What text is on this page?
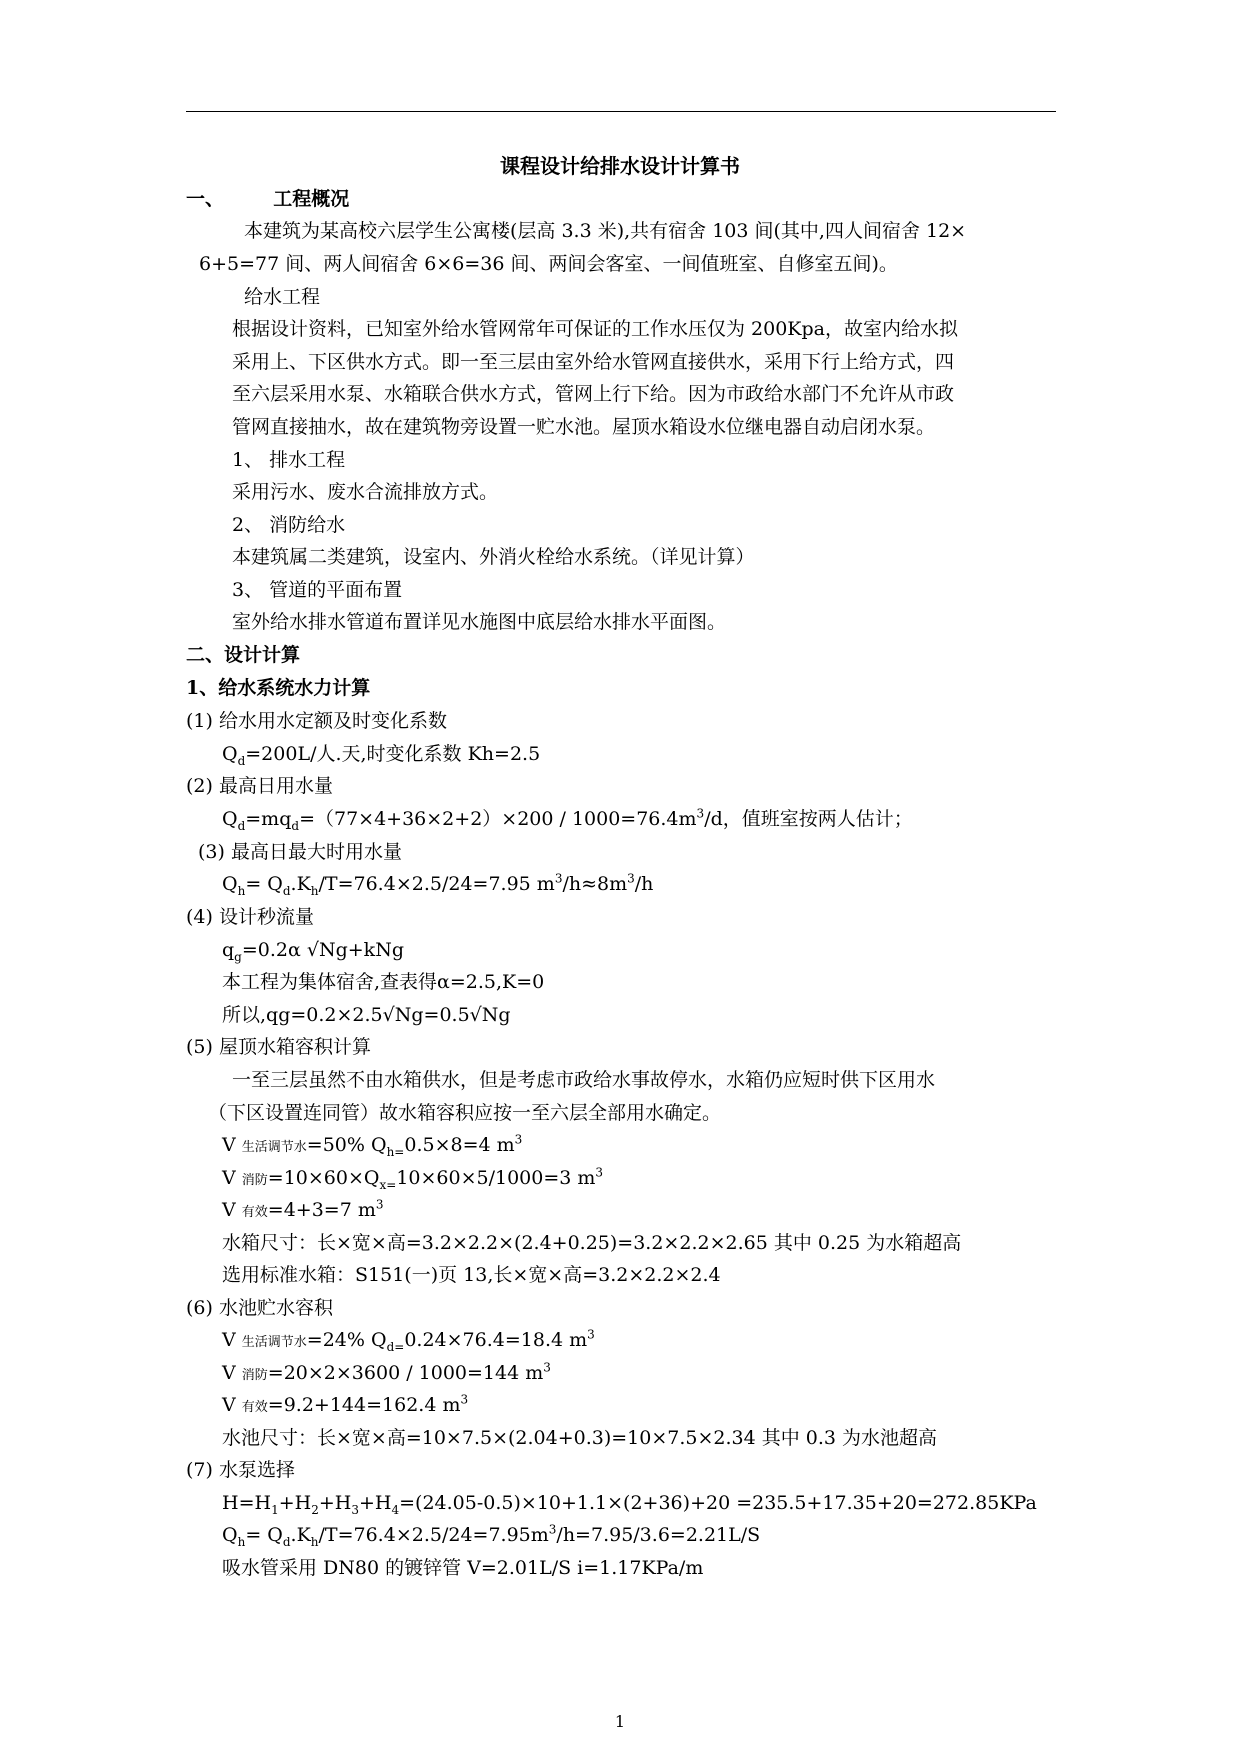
课程设计给排水设计计算书
一、	工程概况
本建筑为某高校六层学生公寓楼(层高 3.3 米),共有宿舍 103 间(其中,四人间宿舍 12×
6+5=77 间、两人间宿舍 6×6=36 间、两间会客室、一间值班室、自修室五间)。
给水工程
根据设计资料，已知室外给水管网常年可保证的工作水压仅为 200Kpa，故室内给水拟
采用上、下区供水方式。即一至三层由室外给水管网直接供水，采用下行上给方式，四
至六层采用水泵、水箱联合供水方式，管网上行下给。因为市政给水部门不允许从市政
管网直接抽水，故在建筑物旁设置一贮水池。屋顶水箱设水位继电器自动启闭水泵。
1、 排水工程
采用污水、废水合流排放方式。
2、 消防给水
本建筑属二类建筑，设室内、外消火栓给水系统。（详见计算）
3、 管道的平面布置
室外给水排水管道布置详见水施图中底层给水排水平面图。
二、设计计算
1、给水系统水力计算
(1) 给水用水定额及时变化系数
$Q_d=200L/$人.天,时变化系数 Kh=2.5
(2) 最高日用水量
$Q_d=mq_d=(77\times 4+36\times 2+2)\times 200 / 1000=76.4m^3/d$，值班室按两人估计；
(3) 最高日最大时用水量
$Q_h= Q_d.K_h/T=76.4\times 2.5/24=7.95$ $m^3/h\approx 8m^3/h$
(4) 设计秒流量
$q_g=0.2\alpha$ √Ng+kNg
本工程为集体宿舍,查表得α=2.5,K=0
所以,qg=0.2×2.5√Ng=0.5√Ng
(5) 屋顶水箱容积计算
一至三层虽然不由水箱供水，但是考虑市政给水事故停水，水箱仍应短时供下区用水
（下区设置连同管）故水箱容积应按一至六层全部用水确定。
V 生活调节水=50% $Q_{h=}0.5\times 8=4$ $m^3$
V 消防$=10\times 60\times Q_{x=}10\times 60\times 5/1000=3$ $m^3$
V 有效=4+3=7 $m^3$
水箱尺寸：长×宽×高=3.2×2.2×(2.4+0.25)=3.2×2.2×2.65 其中 0.25 为水箱超高
选用标准水箱：S151(一)页 13,长×宽×高=3.2×2.2×2.4
(6) 水池贮水容积
V 生活调节水=24% $Q_{d=}0.24\times 76.4=18.4$ $m^3$
V 消防=20×2×3600 / 1000=144 $m^3$
V 有效=9.2+144=162.4 $m^3$
水池尺寸：长×宽×高=10×7.5×(2.04+0.3)=10×7.5×2.34 其中 0.3 为水池超高
(7) 水泵选择
$H=H_1+H_2+H_3+H_4=(24.05-0.5)\times 10+1.1\times(2+36)+20 =235.5+17.35+20=272.85KPa$
$Q_h= Q_d.K_h/T=76.4\times 2.5/24=7.95m^3/h=7.95/3.6=2.21L/S$
吸水管采用 DN80 的镀锌管 V=2.01L/S i=1.17KPa/m
1
